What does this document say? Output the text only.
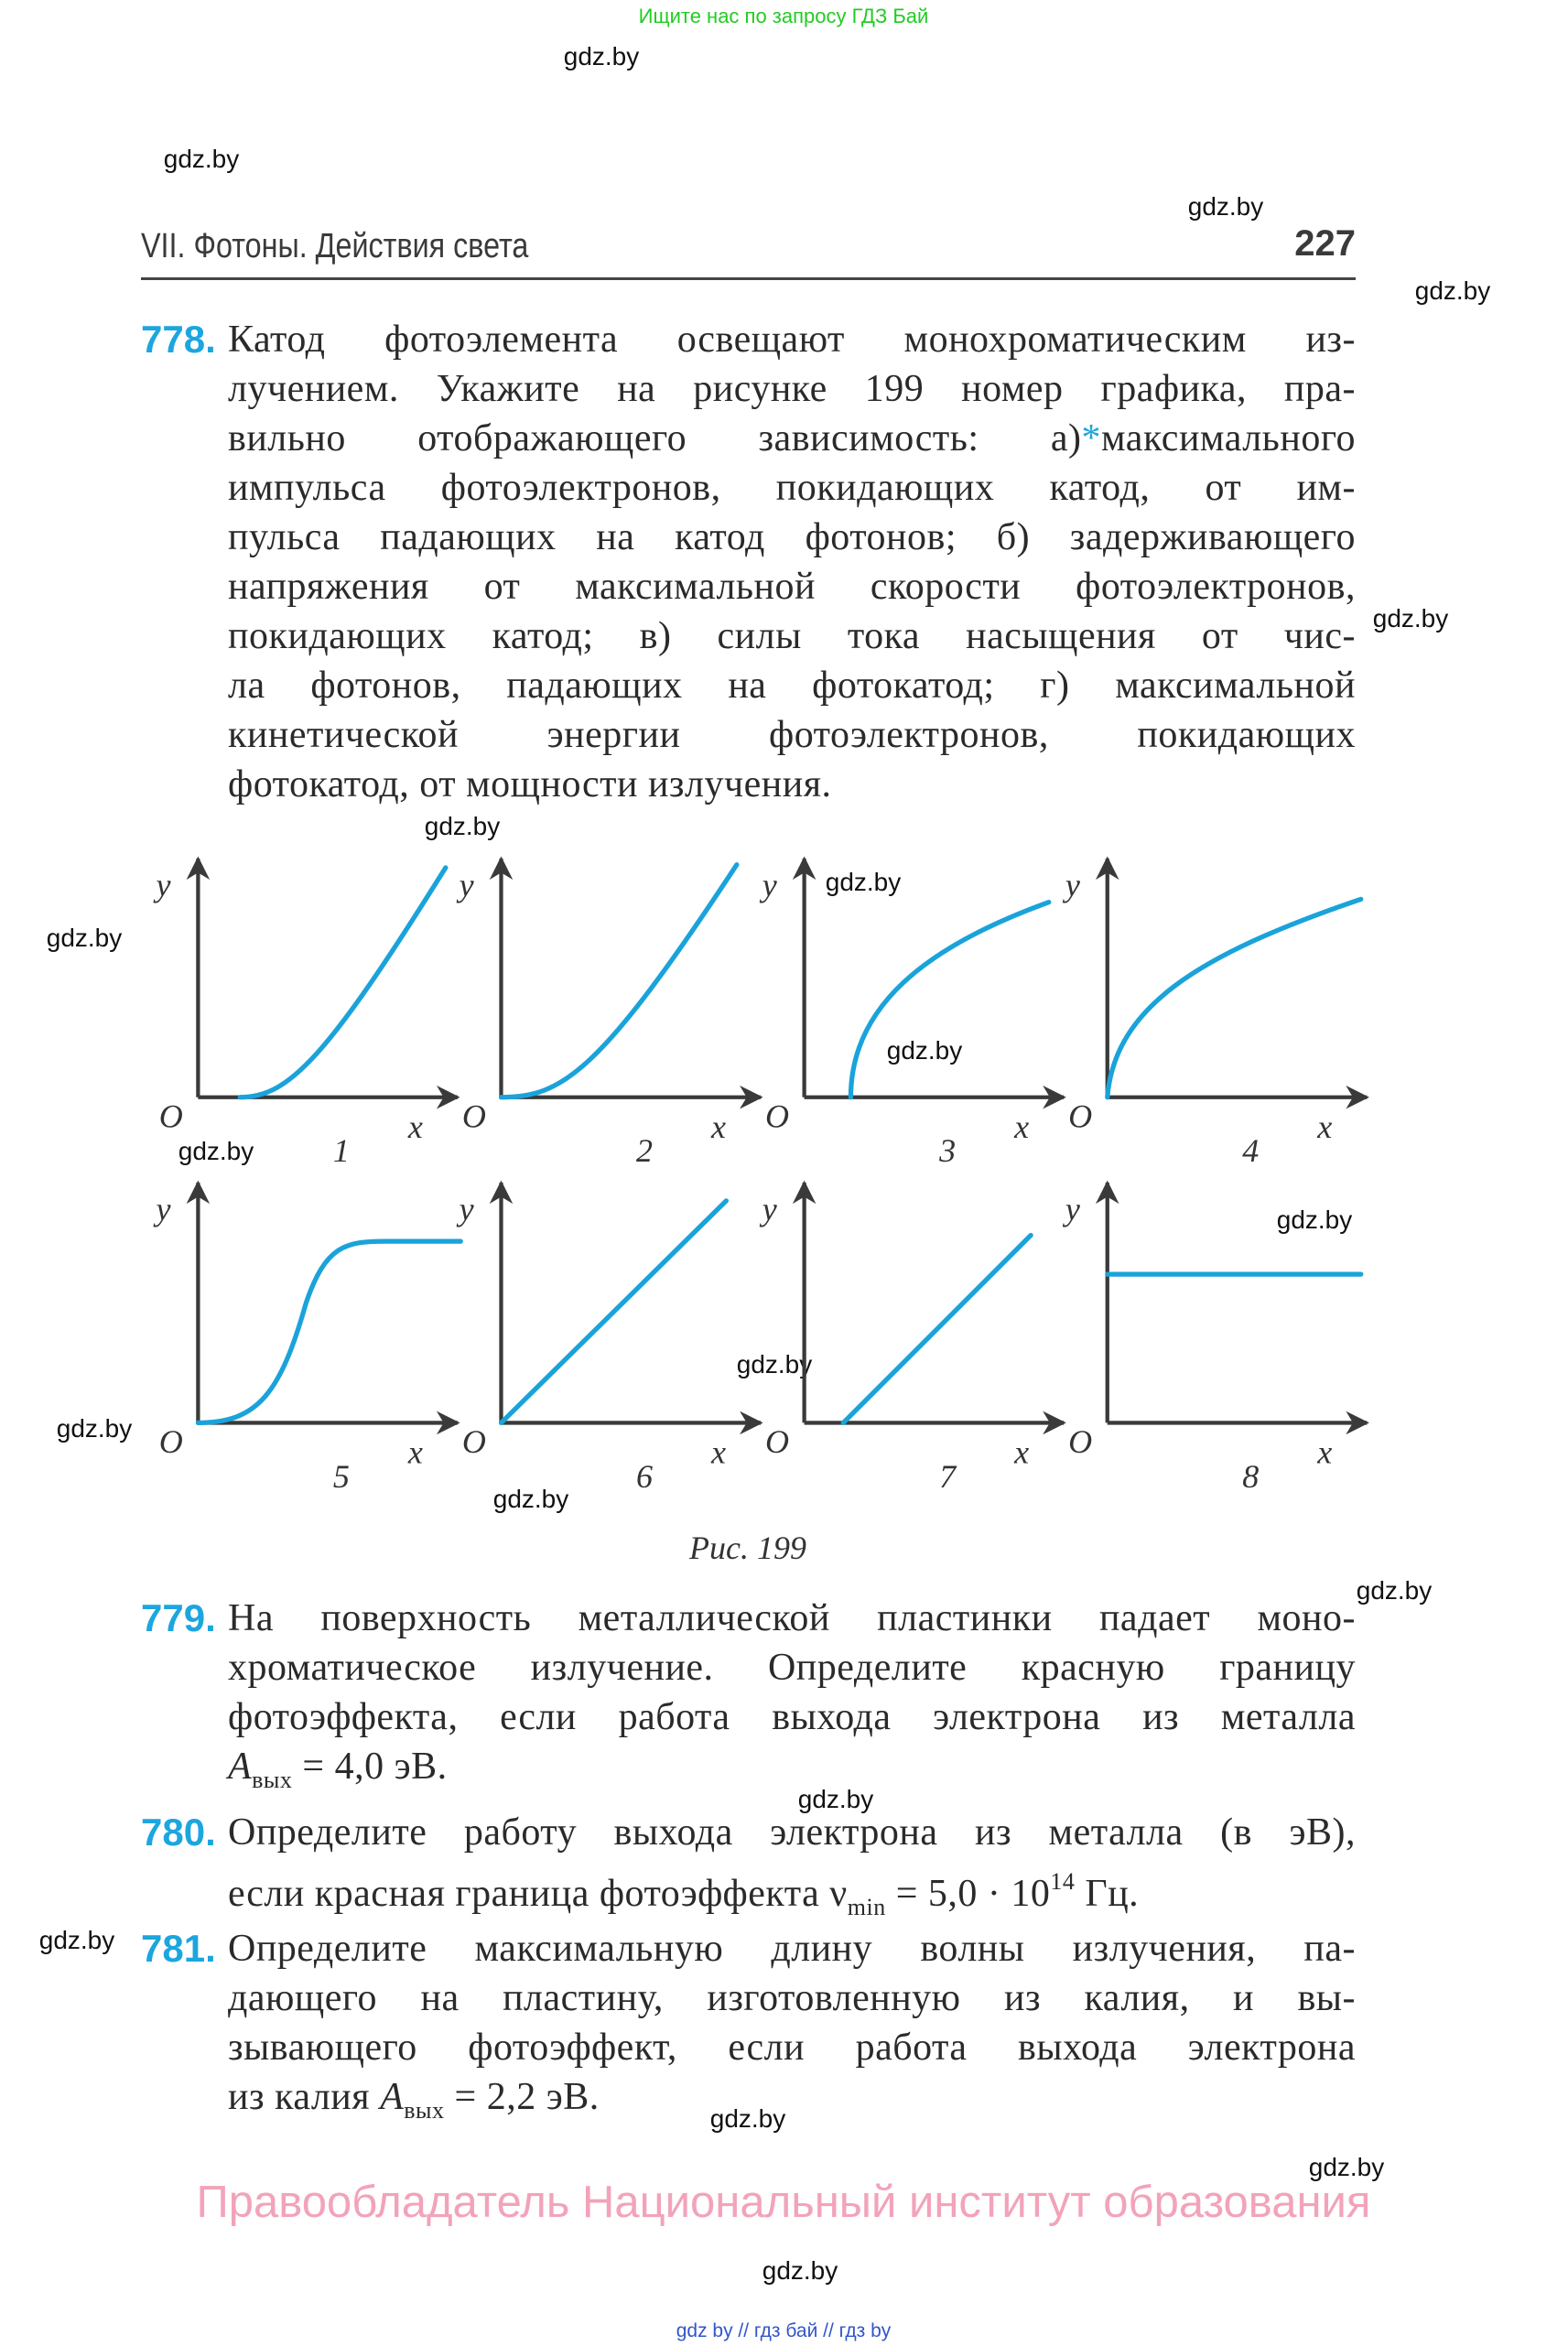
Ищите нас по запросу ГДЗ Бай
gdz.by
gdz.by
gdz.by
gdz.by
gdz.by
gdz.by
gdz.by
gdz.by
gdz.by
gdz.by
gdz.by
gdz.by
gdz.by
gdz.by
gdz.by
gdz.by
gdz.by
gdz.by
gdz.by
gdz.by
VII. Фотоны. Действия света	227
778. Катод фотоэлемента освещают монохроматическим из-
лучением. Укажите на рисунке 199 номер графика, пра-
вильно отображающего зависимость: а)*максимального
импульса фотоэлектронов, покидающих катод, от им-
пульса падающих на катод фотонов; б) задерживающего
напряжения от максимальной скорости фотоэлектронов,
покидающих катод; в) силы тока насыщения от чис-
ла фотонов, падающих на фотокатод; г) максимальной
кинетической энергии фотоэлектронов, покидающих
фотокатод, от мощности излучения.
y
O	x
1
y
O	x
2
y
O	x
3
y
O	x
4
y
O	x
5
y
O	x
6
y
O	x
7
y
O	x
8
Рис. 199
779. На поверхность металлической пластинки падает моно-
хроматическое излучение. Определите красную границу
фотоэффекта, если работа выхода электрона из металла
$A_{вых} = 4,0$ эВ.
780. Определите работу выхода электрона из металла (в эВ),
если красная граница фотоэффекта $\nu_{min} = 5,0 \cdot 10^{14}$ Гц.
781. Определите максимальную длину волны излучения, па-
дающего на пластину, изготовленную из калия, и вы-
зывающего фотоэффект, если работа выхода электрона
из калия $A_{вых} = 2,2$ эВ.
Правообладатель Национальный институт образования
gdz by // гдз бай // гдз by
